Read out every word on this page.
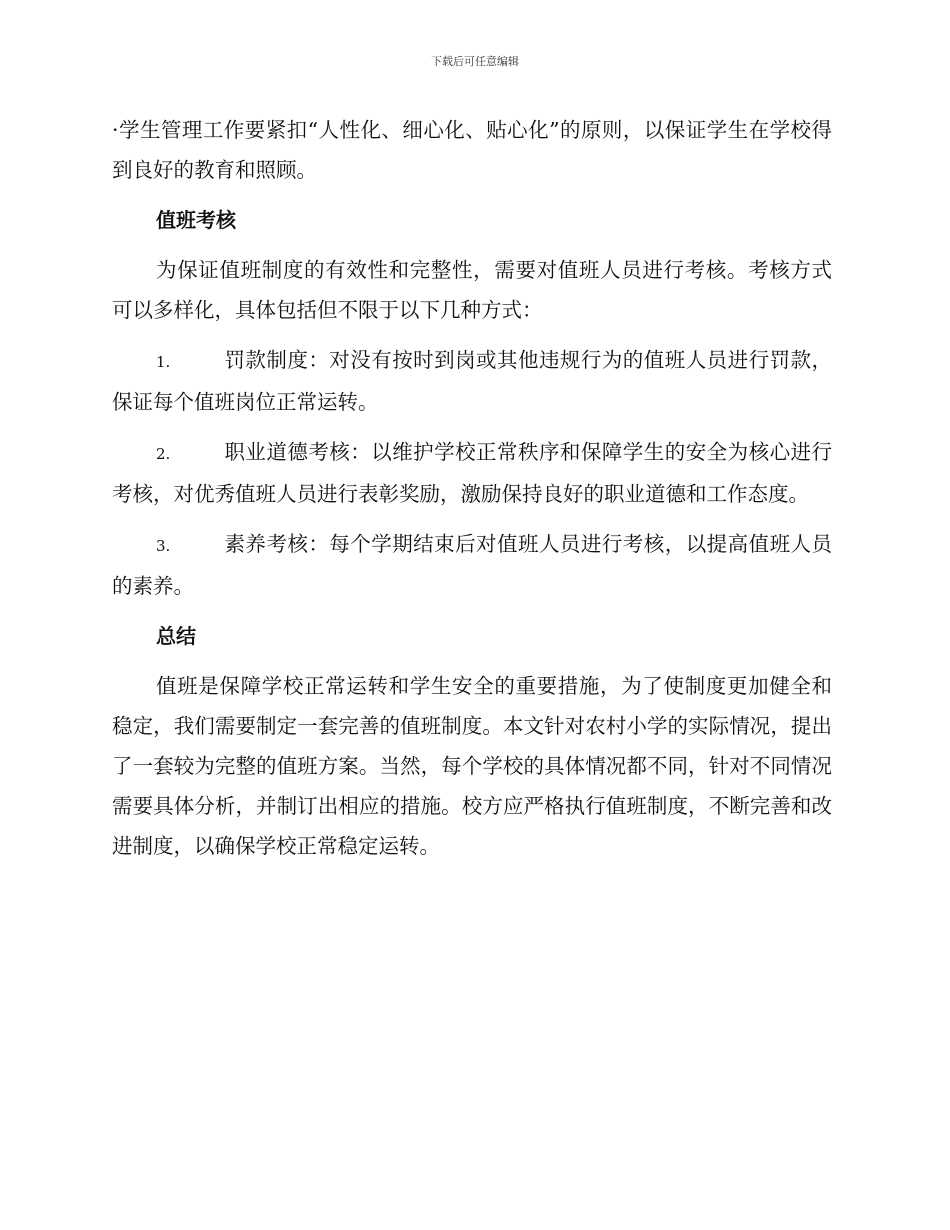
下载后可任意编辑

·学生管理工作要紧扣“人性化、细心化、贴心化”的原则，以保证学生在学校得到良好的教育和照顾。

值班考核

为保证值班制度的有效性和完整性，需要对值班人员进行考核。考核方式可以多样化，具体包括但不限于以下几种方式：

1.	罚款制度：对没有按时到岗或其他违规行为的值班人员进行罚款，保证每个值班岗位正常运转。

2.	职业道德考核：以维护学校正常秩序和保障学生的安全为核心进行考核，对优秀值班人员进行表彰奖励，激励保持良好的职业道德和工作态度。

3.	素养考核：每个学期结束后对值班人员进行考核，以提高值班人员的素养。

总结

值班是保障学校正常运转和学生安全的重要措施，为了使制度更加健全和稳定，我们需要制定一套完善的值班制度。本文针对农村小学的实际情况，提出了一套较为完整的值班方案。当然，每个学校的具体情况都不同，针对不同情况需要具体分析，并制订出相应的措施。校方应严格执行值班制度，不断完善和改进制度，以确保学校正常稳定运转。
